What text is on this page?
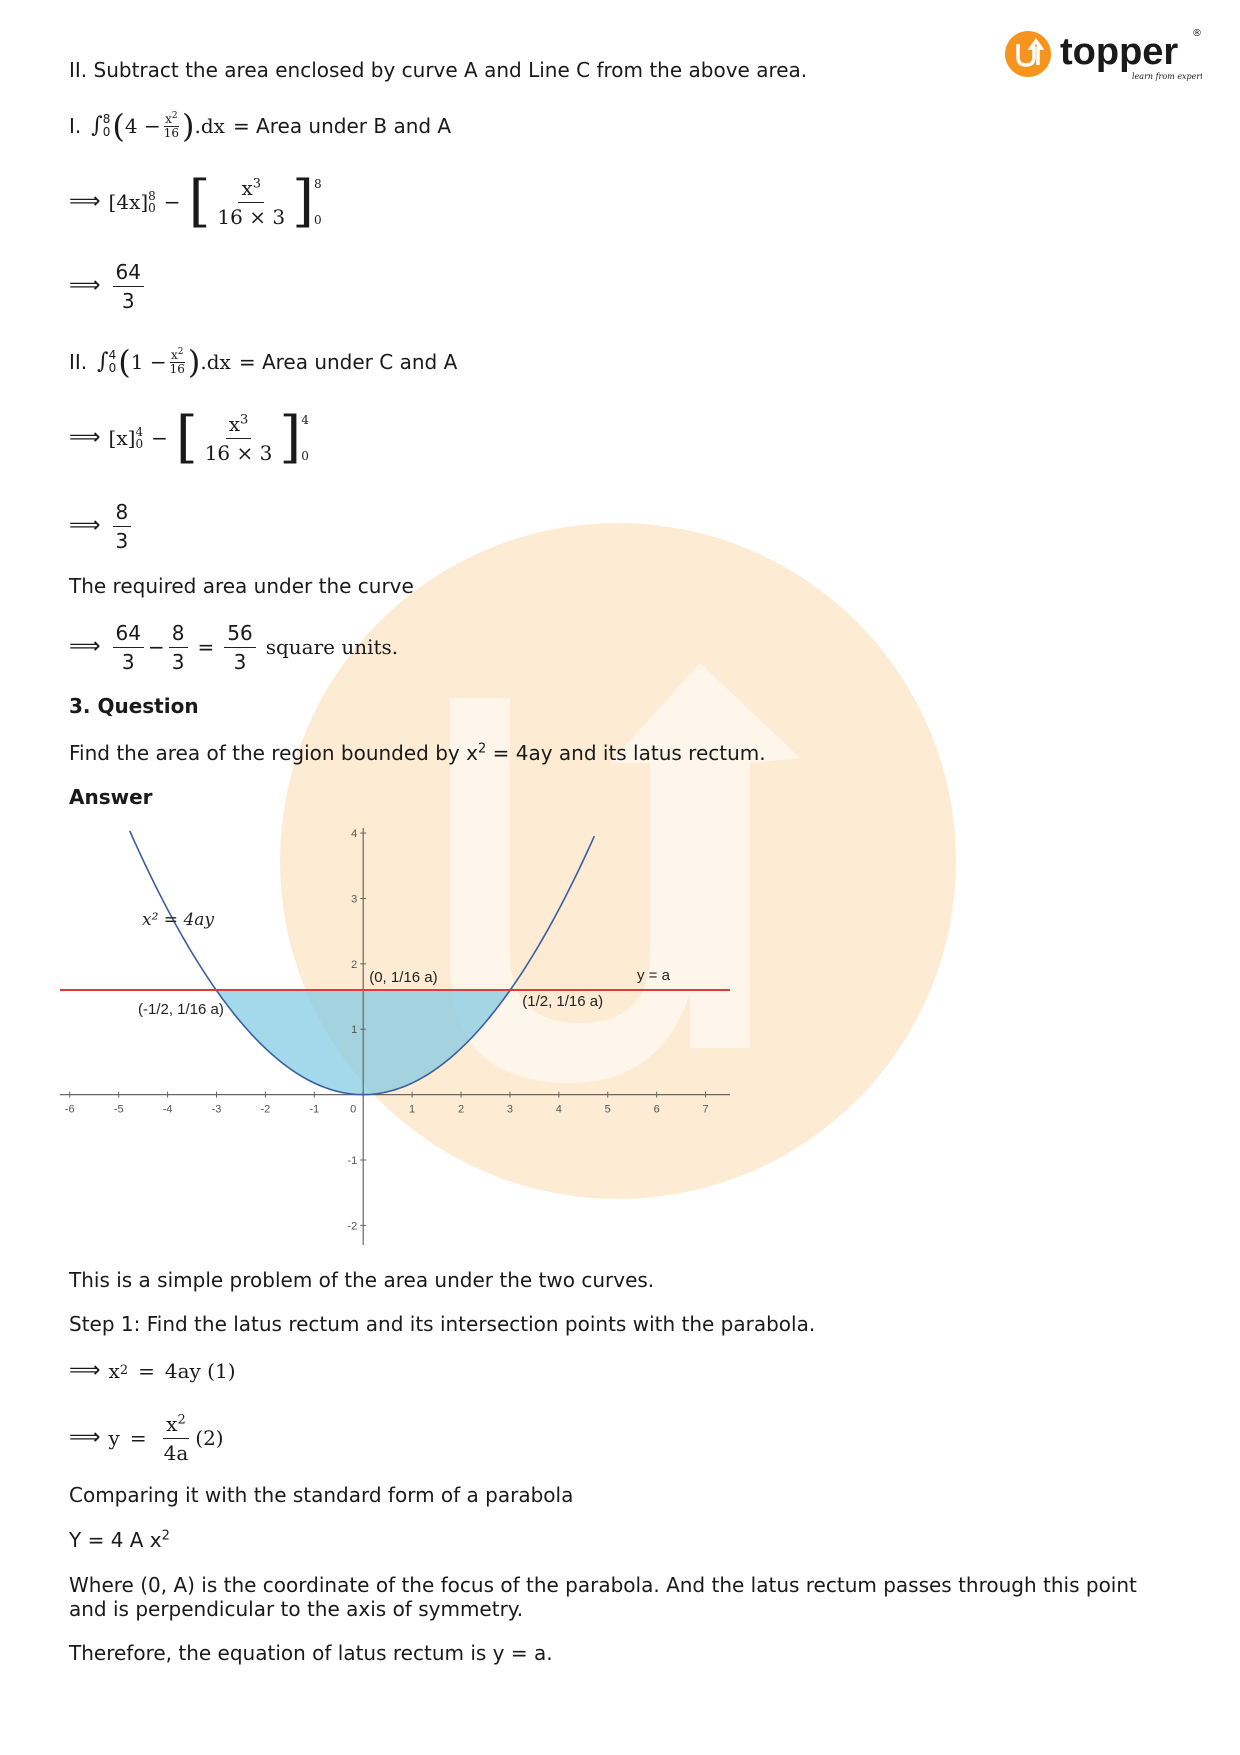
topper ®
learn from experts
II. Subtract the area enclosed by curve A and Line C from the above area.
I. ∫ 8
0 ( $4 - \frac{x^2}{16}$ ) .dx = Area under B and A
⟹ [4x] 8
0 − [ $\frac{x^3}{16 \times 3}$ ] 8
0
⟹ $\frac{64}{3}$
II. ∫ 4
0 ( $1 - \frac{x^2}{16}$ ) .dx = Area under C and A
⟹ [x] 4
0 − [ $\frac{x^3}{16 \times 3}$ ] 4
0
⟹ $\frac{8}{3}$
The required area under the curve
⟹ $\frac{64}{3} - \frac{8}{3} = \frac{56}{3}$ square units.
3. Question
Find the area of the region bounded by $x^2 = 4ay$ and its latus rectum.
Answer
-6	-5	-4	-3	-2	-1	0	1	2	3	4	5	6	7
4
3
2
1
-1
-2
x² = 4ay
y = a
(0, 1/16 a)
(-1/2, 1/16 a)	(1/2, 1/16 a)
This is a simple problem of the area under the two curves.
Step 1: Find the latus rectum and its intersection points with the parabola.
⟹ x 2 = 4ay (1)
⟹ $y = \frac{x^2}{4a} (2)$
Comparing it with the standard form of a parabola
Y = 4 A $x^2$
Where (0, A) is the coordinate of the focus of the parabola. And the latus rectum passes through this point
and is perpendicular to the axis of symmetry.
Therefore, the equation of latus rectum is y = a.
